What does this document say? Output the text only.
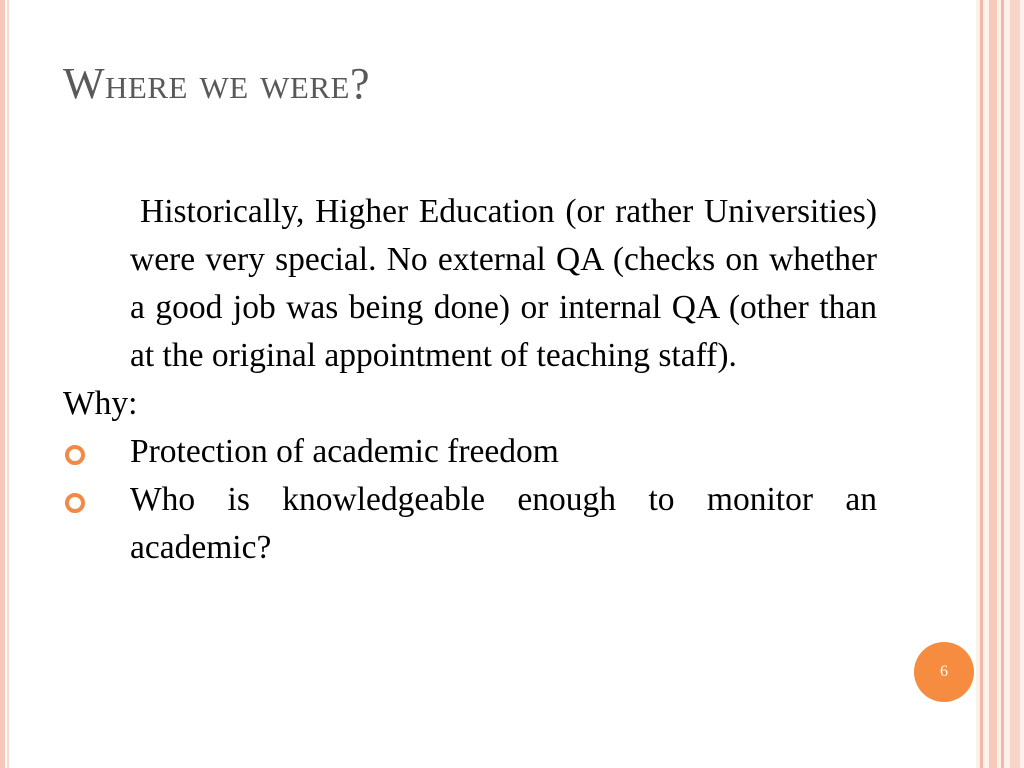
Where we were?

Historically, Higher Education (or rather Universities) were very special. No external QA (checks on whether a good job was being done) or internal QA (other than at the original appointment of teaching staff).

Why:

Protection of academic freedom
Who is knowledgeable enough to monitor an academic?
6
